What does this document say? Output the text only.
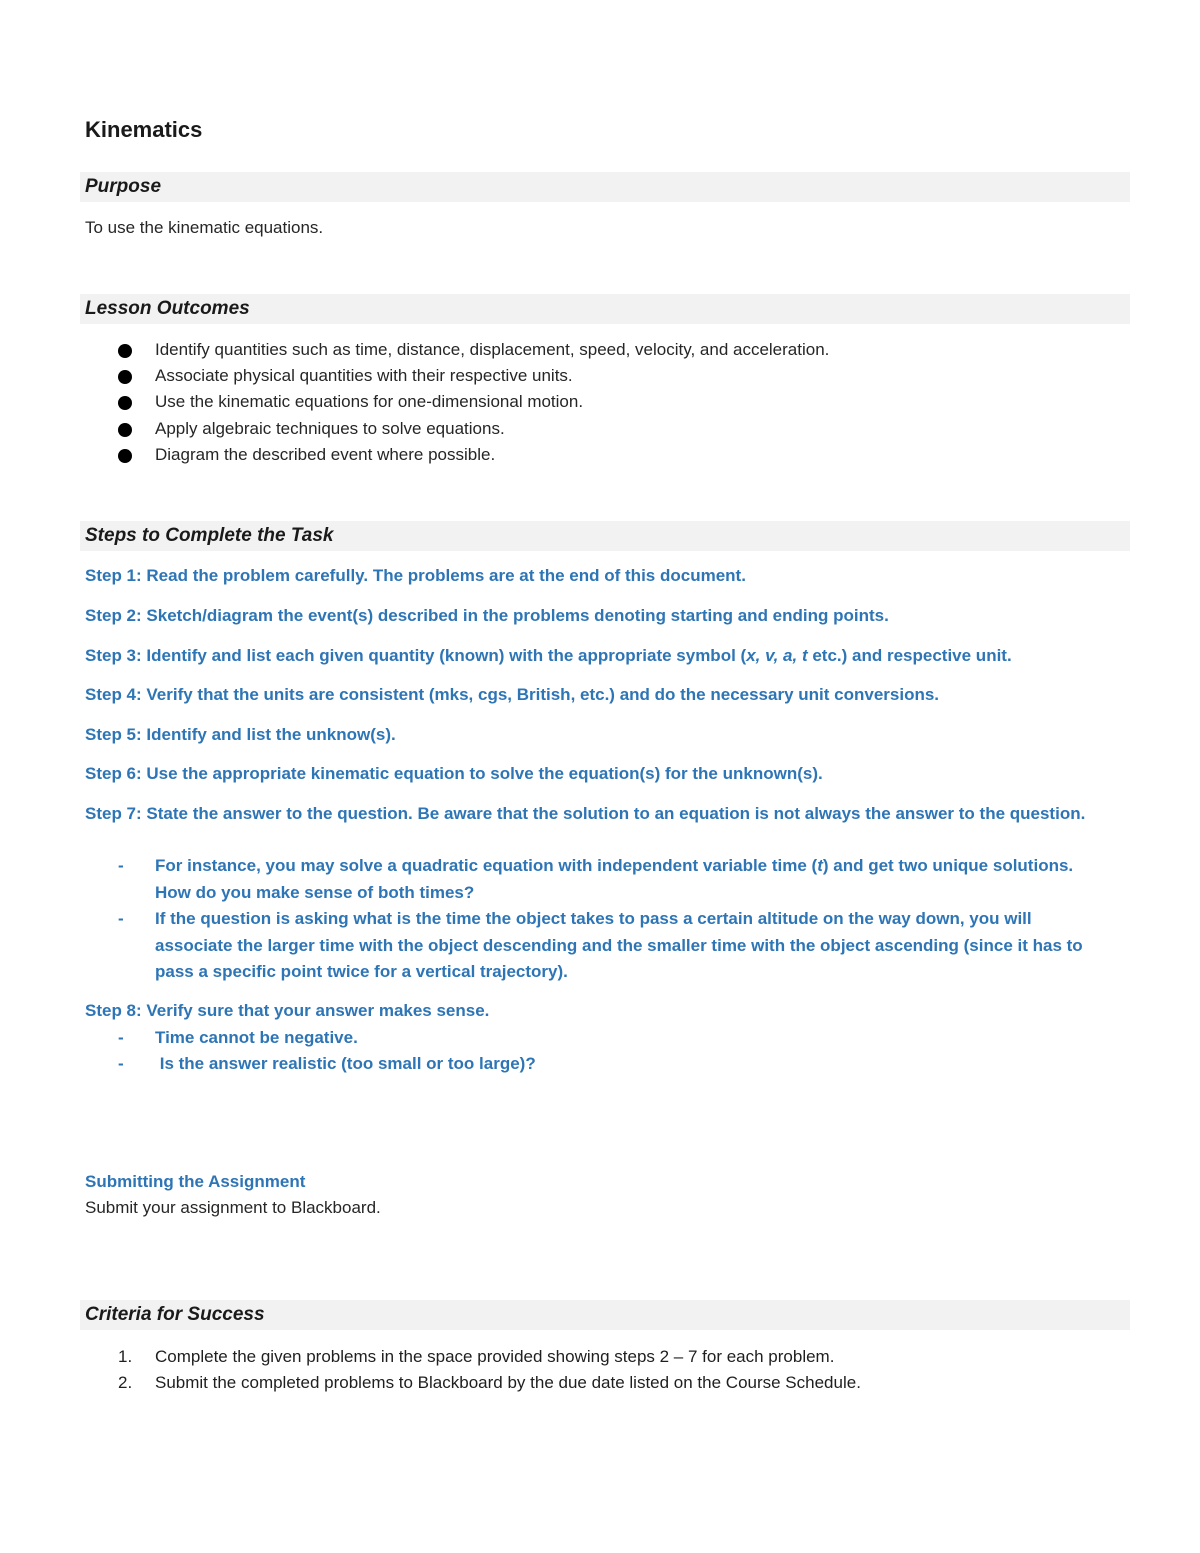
Kinematics
Purpose
To use the kinematic equations.
Lesson Outcomes
Identify quantities such as time, distance, displacement, speed, velocity, and acceleration.
Associate physical quantities with their respective units.
Use the kinematic equations for one-dimensional motion.
Apply algebraic techniques to solve equations.
Diagram the described event where possible.
Steps to Complete the Task
Step 1: Read the problem carefully. The problems are at the end of this document.
Step 2: Sketch/diagram the event(s) described in the problems denoting starting and ending points.
Step 3: Identify and list each given quantity (known) with the appropriate symbol (x, v, a, t etc.) and respective unit.
Step 4: Verify that the units are consistent (mks, cgs, British, etc.) and do the necessary unit conversions.
Step 5: Identify and list the unknow(s).
Step 6: Use the appropriate kinematic equation to solve the equation(s) for the unknown(s).
Step 7: State the answer to the question. Be aware that the solution to an equation is not always the answer to the question.
- For instance, you may solve a quadratic equation with independent variable time (t) and get two unique solutions. How do you make sense of both times?
- If the question is asking what is the time the object takes to pass a certain altitude on the way down, you will associate the larger time with the object descending and the smaller time with the object ascending (since it has to pass a specific point twice for a vertical trajectory).
Step 8: Verify sure that your answer makes sense.
- Time cannot be negative.
- Is the answer realistic (too small or too large)?
Submitting the Assignment
Submit your assignment to Blackboard.
Criteria for Success
1. Complete the given problems in the space provided showing steps 2 – 7 for each problem.
2. Submit the completed problems to Blackboard by the due date listed on the Course Schedule.
